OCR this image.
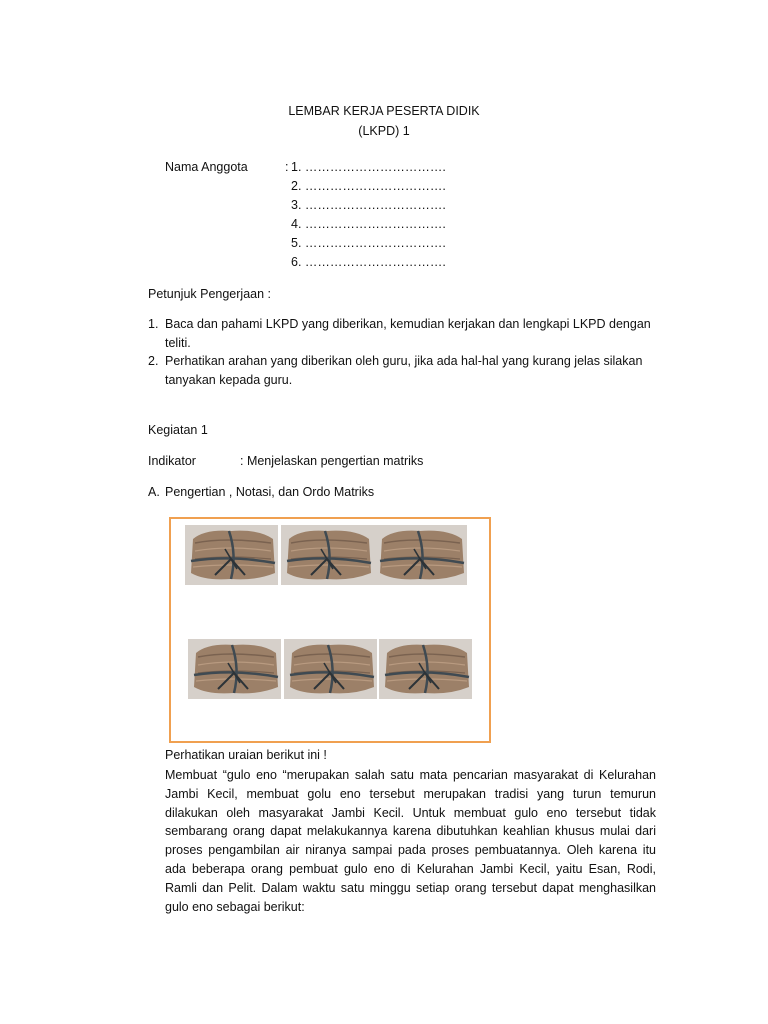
LEMBAR KERJA PESERTA DIDIK
(LKPD) 1
Nama Anggota	: 1. …………………………….
2. …………………………….
3. …………………………….
4. …………………………….
5. …………………………….
6. …………………………….
Petunjuk Pengerjaan :
1. Baca dan pahami LKPD yang diberikan, kemudian kerjakan dan lengkapi LKPD dengan
teliti.
2. Perhatikan arahan yang diberikan oleh guru, jika ada hal-hal yang kurang jelas silakan
tanyakan kepada guru.
Kegiatan 1
Indikator	: Menjelaskan pengertian matriks
A. Pengertian , Notasi, dan Ordo Matriks
Perhatikan uraian berikut ini !
Membuat “gulo eno “merupakan salah satu mata pencarian masyarakat di Kelurahan
Jambi Kecil, membuat golu eno tersebut merupakan tradisi yang turun temurun
dilakukan oleh masyarakat Jambi Kecil. Untuk membuat gulo eno tersebut tidak
sembarang orang dapat melakukannya karena dibutuhkan keahlian khusus mulai dari
proses pengambilan air niranya sampai pada proses pembuatannya. Oleh karena itu
ada beberapa orang pembuat gulo eno di Kelurahan Jambi Kecil, yaitu Esan, Rodi,
Ramli dan Pelit. Dalam waktu satu minggu setiap orang tersebut dapat menghasilkan
gulo eno sebagai berikut:
